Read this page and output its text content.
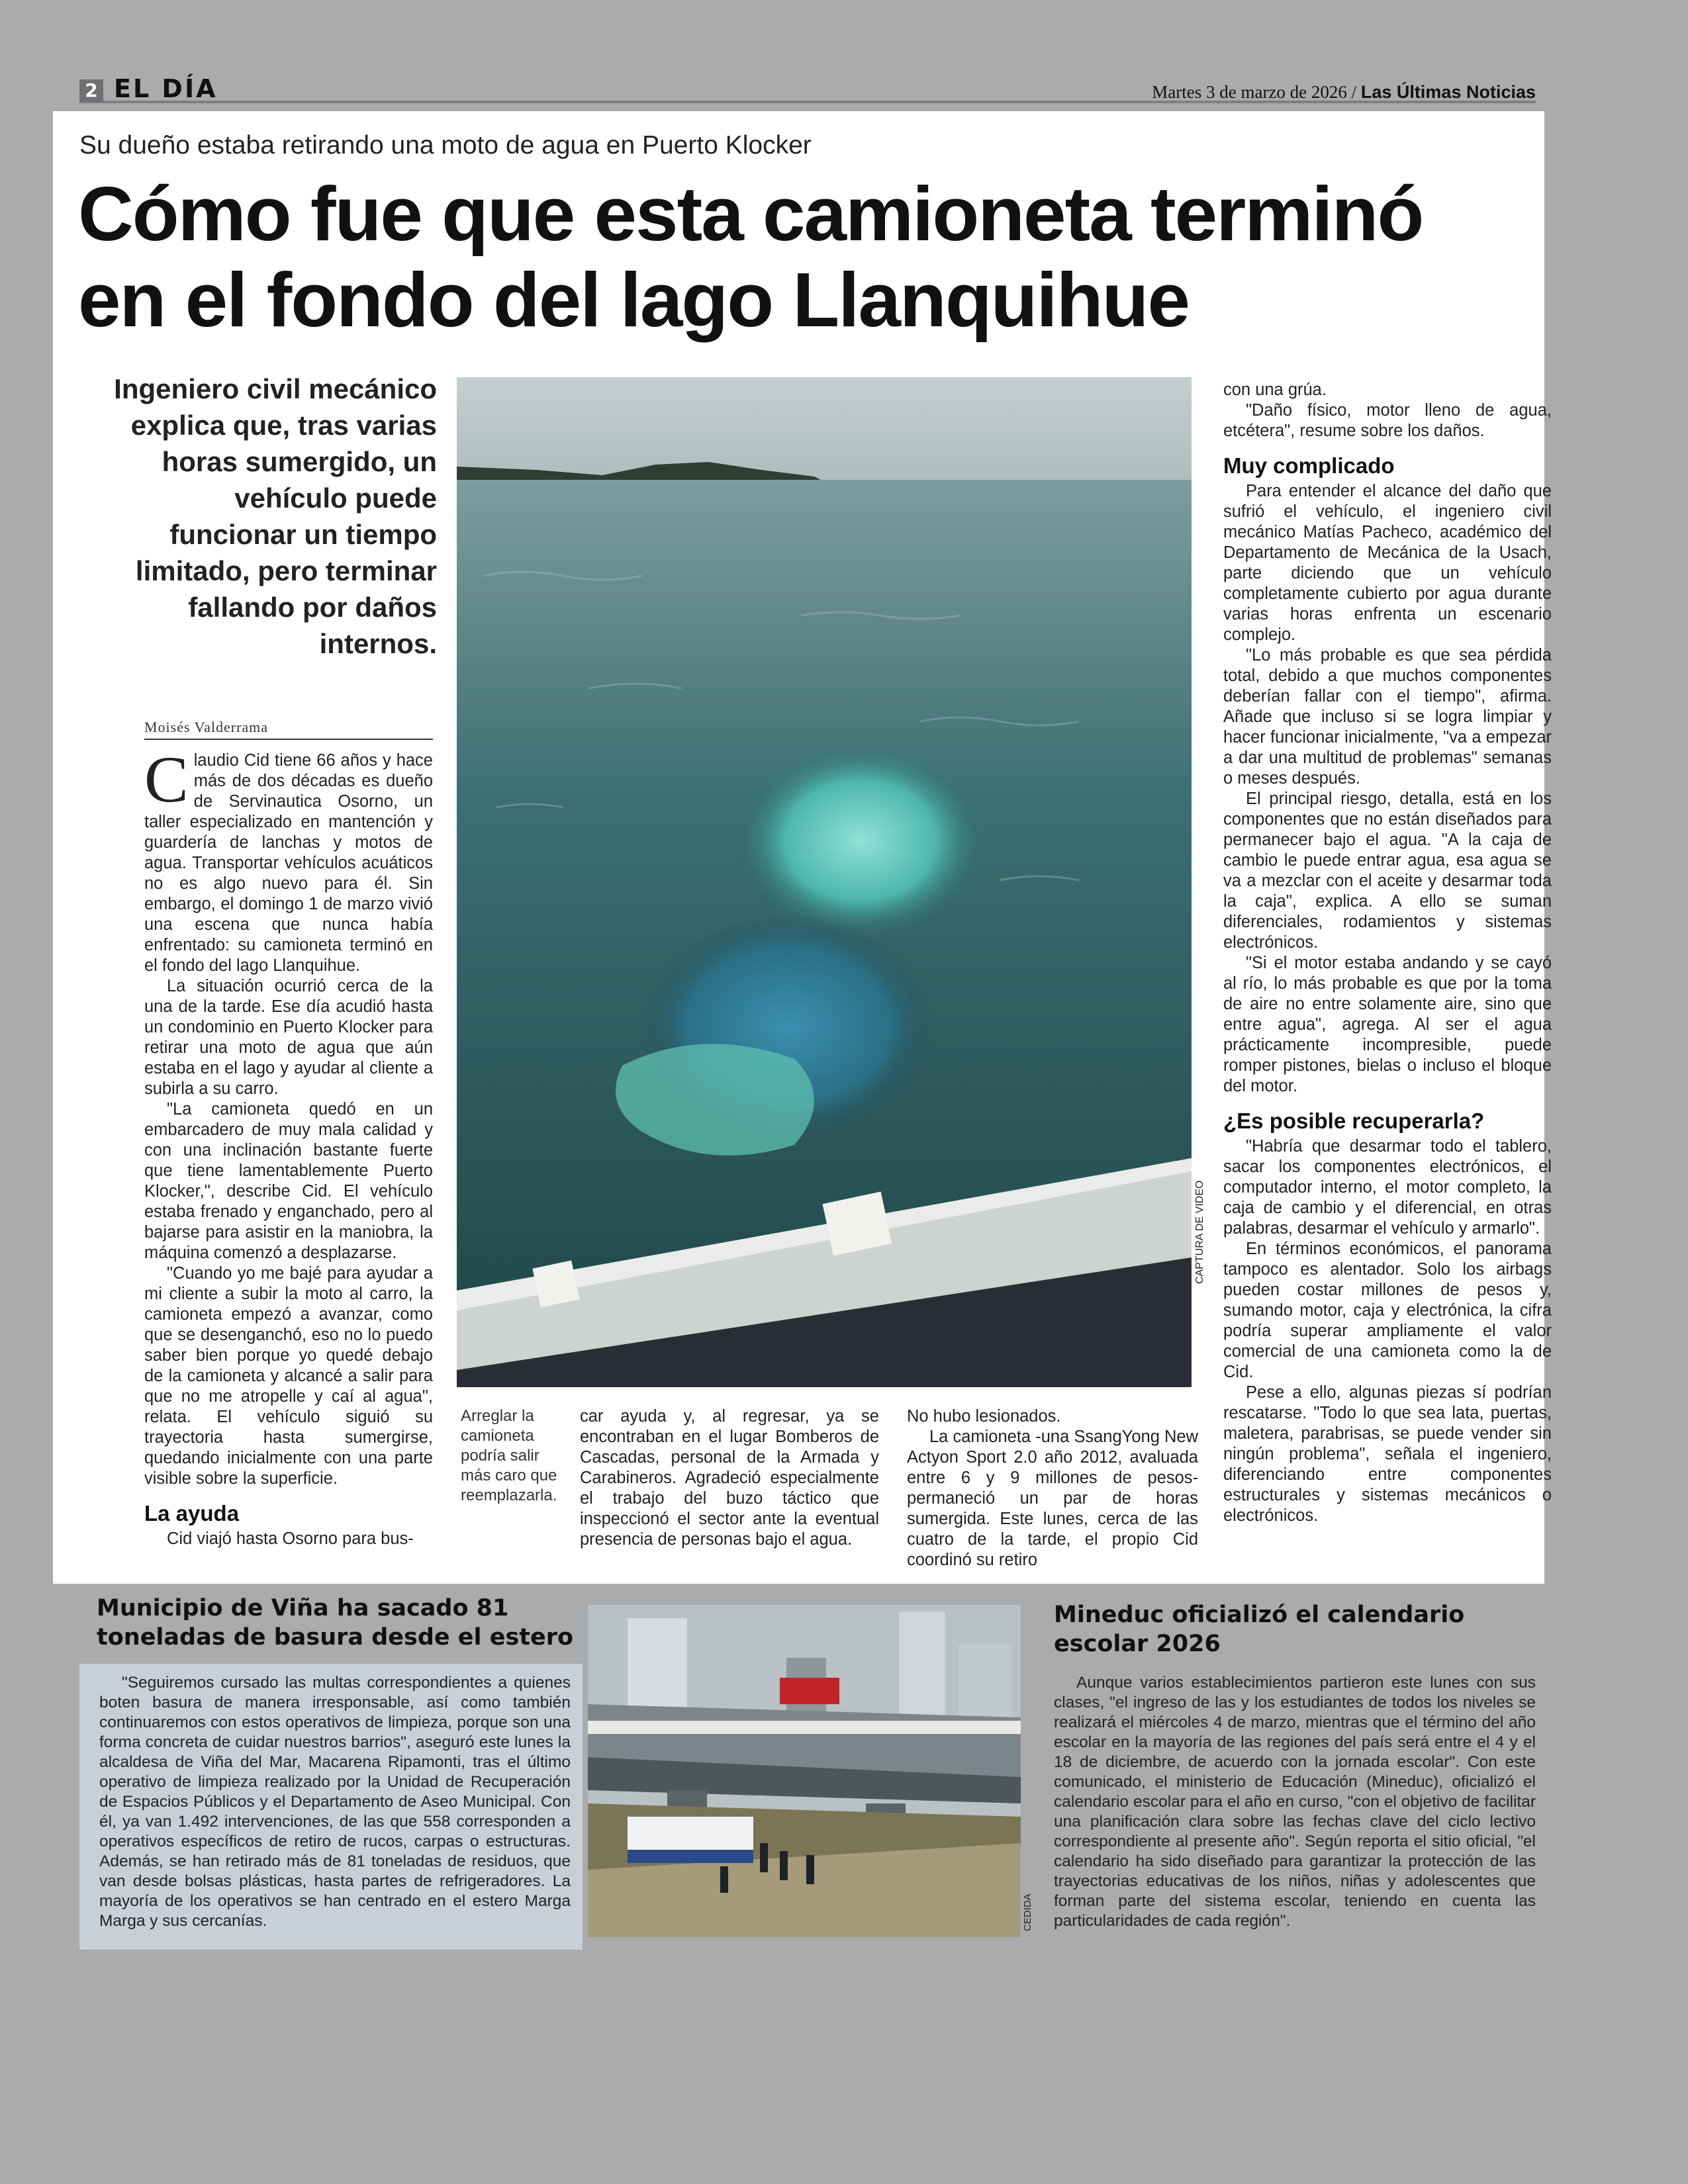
2 EL DÍA	Martes 3 de marzo de 2026 / Las Últimas Noticias
Su dueño estaba retirando una moto de agua en Puerto Klocker
Cómo fue que esta camioneta terminó
en el fondo del lago Llanquihue
Ingeniero civil mecánico explica que, tras varias horas sumergido, un vehículo puede funcionar un tiempo limitado, pero terminar fallando por daños internos.
Moisés Valderrama

Claudio Cid tiene 66 años y hace más de dos décadas es dueño de Servinautica Osorno, un taller especializado en mantención y guardería de lanchas y motos de agua. Transportar vehículos acuáticos no es algo nuevo para él. Sin embargo, el domingo 1 de marzo vivió una escena que nunca había enfrentado: su camioneta terminó en el fondo del lago Llanquihue.

La situación ocurrió cerca de la una de la tarde. Ese día acudió hasta un condominio en Puerto Klocker para retirar una moto de agua que aún estaba en el lago y ayudar al cliente a subirla a su carro.

"La camioneta quedó en un embarcadero de muy mala calidad y con una inclinación bastante fuerte que tiene lamentablemente Puerto Klocker,", describe Cid. El vehículo estaba frenado y enganchado, pero al bajarse para asistir en la maniobra, la máquina comenzó a desplazarse.

"Cuando yo me bajé para ayudar a mi cliente a subir la moto al carro, la camioneta empezó a avanzar, como que se desenganchó, eso no lo puedo saber bien porque yo quedé debajo de la camioneta y alcancé a salir para que no me atropelle y caí al agua", relata. El vehículo siguió su trayectoria hasta sumergirse, quedando inicialmente con una parte visible sobre la superficie.

La ayuda

Cid viajó hasta Osorno para bus-

CAPTURA DE VIDEO
Arreglar la camioneta podría salir más caro que reemplazarla.

car ayuda y, al regresar, ya se encontraban en el lugar Bomberos de Cascadas, personal de la Armada y Carabineros. Agradeció especialmente el trabajo del buzo táctico que inspeccionó el sector ante la eventual presencia de personas bajo el agua.

No hubo lesionados.

La camioneta -una SsangYong New Actyon Sport 2.0 año 2012, avaluada entre 6 y 9 millones de pesos- permaneció un par de horas sumergida. Este lunes, cerca de las cuatro de la tarde, el propio Cid coordinó su retiro

con una grúa.

"Daño físico, motor lleno de agua, etcétera", resume sobre los daños.

Muy complicado

Para entender el alcance del daño que sufrió el vehículo, el ingeniero civil mecánico Matías Pacheco, académico del Departamento de Mecánica de la Usach, parte diciendo que un vehículo completamente cubierto por agua durante varias horas enfrenta un escenario complejo.

"Lo más probable es que sea pérdida total, debido a que muchos componentes deberían fallar con el tiempo", afirma. Añade que incluso si se logra limpiar y hacer funcionar inicialmente, "va a empezar a dar una multitud de problemas" semanas o meses después.

El principal riesgo, detalla, está en los componentes que no están diseñados para permanecer bajo el agua. "A la caja de cambio le puede entrar agua, esa agua se va a mezclar con el aceite y desarmar toda la caja", explica. A ello se suman diferenciales, rodamientos y sistemas electrónicos.

"Si el motor estaba andando y se cayó al río, lo más probable es que por la toma de aire no entre solamente aire, sino que entre agua", agrega. Al ser el agua prácticamente incompresible, puede romper pistones, bielas o incluso el bloque del motor.

¿Es posible recuperarla?

"Habría que desarmar todo el tablero, sacar los componentes electrónicos, el computador interno, el motor completo, la caja de cambio y el diferencial, en otras palabras, desarmar el vehículo y armarlo".

En términos económicos, el panorama tampoco es alentador. Solo los airbags pueden costar millones de pesos y, sumando motor, caja y electrónica, la cifra podría superar ampliamente el valor comercial de una camioneta como la de Cid.

Pese a ello, algunas piezas sí podrían rescatarse. "Todo lo que sea lata, puertas, maletera, parabrisas, se puede vender sin ningún problema", señala el ingeniero, diferenciando entre componentes estructurales y sistemas mecánicos o electrónicos.

Municipio de Viña ha sacado 81 toneladas de basura desde el estero

"Seguiremos cursado las multas correspondientes a quienes boten basura de manera irresponsable, así como también continuaremos con estos operativos de limpieza, porque son una forma concreta de cuidar nuestros barrios", aseguró este lunes la alcaldesa de Viña del Mar, Macarena Ripamonti, tras el último operativo de limpieza realizado por la Unidad de Recuperación de Espacios Públicos y el Departamento de Aseo Municipal. Con él, ya van 1.492 intervenciones, de las que 558 corresponden a operativos específicos de retiro de rucos, carpas o estructuras. Además, se han retirado más de 81 toneladas de residuos, que van desde bolsas plásticas, hasta partes de refrigeradores. La mayoría de los operativos se han centrado en el estero Marga Marga y sus cercanías.	CEDIDA
Mineduc oficializó el calendario escolar 2026

Aunque varios establecimientos partieron este lunes con sus clases, "el ingreso de las y los estudiantes de todos los niveles se realizará el miércoles 4 de marzo, mientras que el término del año escolar en la mayoría de las regiones del país será entre el 4 y el 18 de diciembre, de acuerdo con la jornada escolar". Con este comunicado, el ministerio de Educación (Mineduc), oficializó el calendario escolar para el año en curso, "con el objetivo de facilitar una planificación clara sobre las fechas clave del ciclo lectivo correspondiente al presente año". Según reporta el sitio oficial, "el calendario ha sido diseñado para garantizar la protección de las trayectorias educativas de los niños, niñas y adolescentes que forman parte del sistema escolar, teniendo en cuenta las particularidades de cada región".
